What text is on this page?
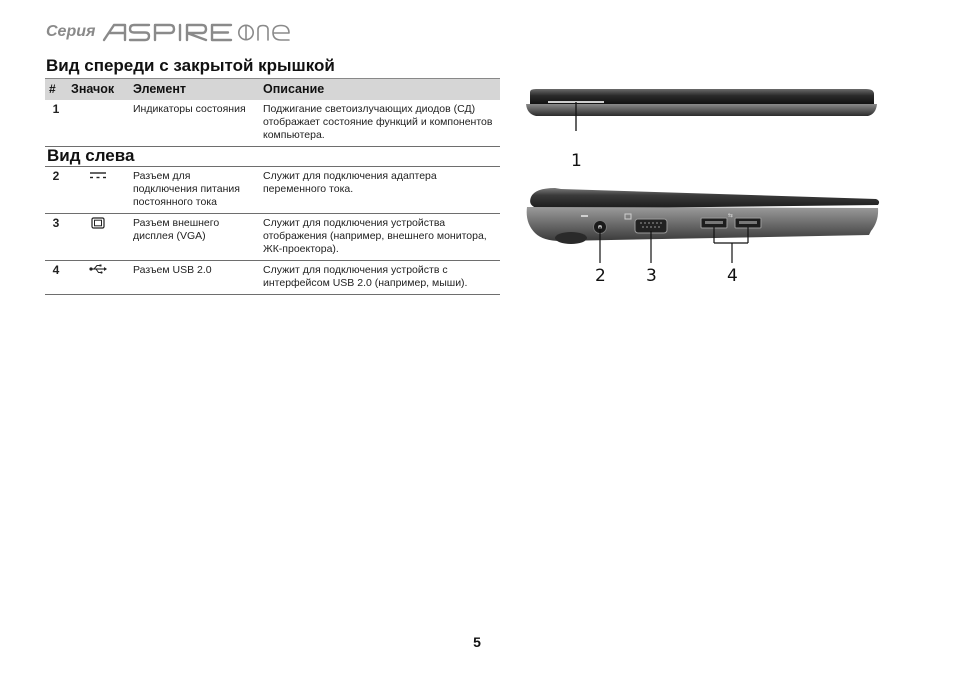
Серия
Вид спереди с закрытой крышкой
#	Значок	Элемент	Описание
1		Индикаторы состояния	Поджигание светоизлучающих диодов (СД) отображает состояние функций и компонентов компьютера.
Вид слева			
2		Разъем для подключения питания постоянного тока	Служит для подключения адаптера переменного тока.
3		Разъем внешнего дисплея (VGA)	Служит для подключения устройства отображения (например, внешнего монитора, ЖК-проектора).
4		Разъем USB 2.0	Служит для подключения устройств с интерфейсом USB 2.0 (например, мыши).
1
⇆
2 3	4
5
